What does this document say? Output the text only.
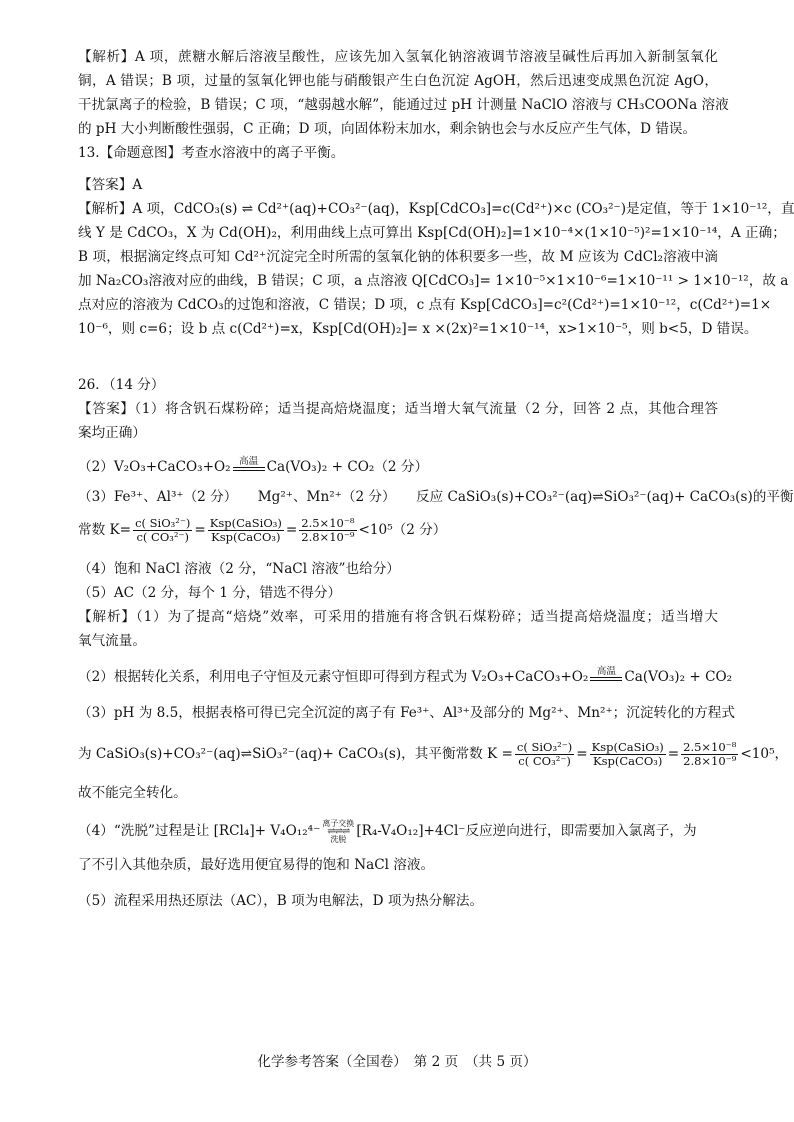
【解析】A 项，蔗糖水解后溶液呈酸性，应该先加入氢氧化钠溶液调节溶液呈碱性后再加入新制氢氧化
铜，A 错误；B 项，过量的氢氧化钾也能与硝酸银产生白色沉淀 AgOH，然后迅速变成黑色沉淀 AgO，
干扰氯离子的检验，B 错误；C 项，“越弱越水解”，能通过过 pH 计测量 NaClO 溶液与 CH₃COONa 溶液
的 pH 大小判断酸性强弱，C 正确；D 项，向固体粉末加水，剩余钠也会与水反应产生气体，D 错误。
13.【命题意图】考查水溶液中的离子平衡。
【答案】A
【解析】A 项，CdCO₃(s) ⇌ Cd²⁺(aq)+CO₃²⁻(aq)，Ksp[CdCO₃]=c(Cd²⁺)×c (CO₃²⁻)是定值，等于 1×10⁻¹²，直
线 Y 是 CdCO₃，X 为 Cd(OH)₂，利用曲线上点可算出 Ksp[Cd(OH)₂]=1×10⁻⁴×(1×10⁻⁵)²=1×10⁻¹⁴，A 正确；
B 项，根据滴定终点可知 Cd²⁺沉淀完全时所需的氢氧化钠的体积要多一些，故 M 应该为 CdCl₂溶液中滴
加 Na₂CO₃溶液对应的曲线，B 错误；C 项，a 点溶液 Q[CdCO₃]= 1×10⁻⁵×1×10⁻⁶=1×10⁻¹¹ > 1×10⁻¹²，故 a
点对应的溶液为 CdCO₃的过饱和溶液，C 错误；D 项，c 点有 Ksp[CdCO₃]=c²(Cd²⁺)=1×10⁻¹²，c(Cd²⁺)=1×
10⁻⁶，则 c=6；设 b 点 c(Cd²⁺)=x，Ksp[Cd(OH)₂]= x ×(2x)²=1×10⁻¹⁴，x>1×10⁻⁵，则 b<5，D 错误。
26．（14 分）
【答案】（1）将含钒石煤粉碎；适当提高焙烧温度；适当增大氧气流量（2 分，回答 2 点，其他合理答
案均正确）
（2）V₂O₃+CaCO₃+O₂ 高温 Ca(VO₃)₂ + CO₂（2 分）
（3）Fe³⁺、Al³⁺（2 分）　　Mg²⁺、Mn²⁺（2 分）　　反应 CaSiO₃(s)+CO₃²⁻(aq)⇌SiO₃²⁻(aq)+ CaCO₃(s)的平衡
常数 $K= \frac{\text{c( SiO₃²⁻)}}{\text{c( CO₃²⁻)}} = \frac{\text{Ksp(CaSiO₃)}}{\text{Ksp(CaCO₃)}} = \frac{\text{2.5×10⁻⁸}}{\text{2.8×10⁻⁹}} <10^5(2$ 分）
（4）饱和 NaCl 溶液（2 分，“NaCl 溶液”也给分）
（5）AC（2 分，每个 1 分，错选不得分）
【解析】（1）为了提高“焙烧”效率，可采用的措施有将含钒石煤粉碎；适当提高焙烧温度；适当增大
氧气流量。
（2）根据转化关系，利用电子守恒及元素守恒即可得到方程式为 V₂O₃+CaCO₃+O₂ 高温 Ca(VO₃)₂ + CO₂
（3）pH 为 8.5，根据表格可得已完全沉淀的离子有 Fe³⁺、Al³⁺及部分的 Mg²⁺、Mn²⁺；沉淀转化的方程式
为 CaSiO₃(s)+CO₃²⁻(aq)⇌SiO₃²⁻(aq)+ CaCO₃(s)，其平衡常数 $K = \frac{\text{c( SiO₃²⁻)}}{\text{c( CO₃²⁻)}} = \frac{\text{Ksp(CaSiO₃)}}{\text{Ksp(CaCO₃)}} = \frac{\text{2.5×10⁻⁸}}{\text{2.8×10⁻⁹}} <10^5$，
故不能完全转化。
（4）“洗脱”过程是让 [RCl₄]+ V₄O₁₂⁴⁻ 离子交换
⇌⇌⇌
洗脱
[R₄-V₄O₁₂]+4Cl⁻反应逆向进行，即需要加入氯离子，为
了不引入其他杂质，最好选用便宜易得的饱和 NaCl 溶液。
（5）流程采用热还原法（AC），B 项为电解法，D 项为热分解法。
化学参考答案（全国卷）　第 2 页　（共 5 页）
